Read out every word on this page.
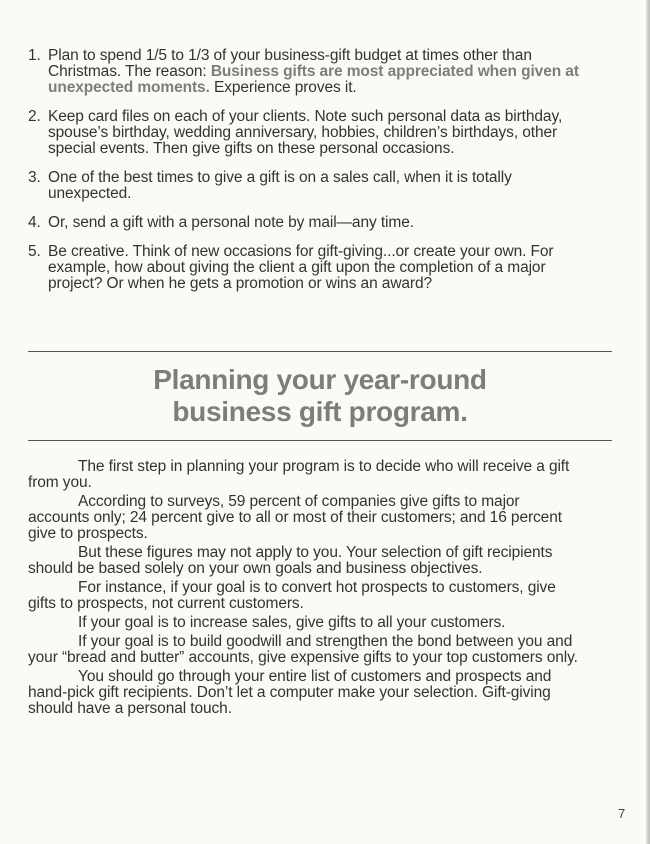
1. Plan to spend 1/5 to 1/3 of your business-gift budget at times other than Christmas. The reason: Business gifts are most appreciated when given at unexpected moments. Experience proves it.
2. Keep card files on each of your clients. Note such personal data as birthday, spouse’s birthday, wedding anniversary, hobbies, children’s birthdays, other special events. Then give gifts on these personal occasions.
3. One of the best times to give a gift is on a sales call, when it is totally unexpected.
4. Or, send a gift with a personal note by mail—any time.
5. Be creative. Think of new occasions for gift-giving...or create your own. For example, how about giving the client a gift upon the completion of a major project? Or when he gets a promotion or wins an award?
Planning your year-round
business gift program.

The first step in planning your program is to decide who will receive a gift from you.

According to surveys, 59 percent of companies give gifts to major accounts only; 24 percent give to all or most of their customers; and 16 percent give to prospects.

But these figures may not apply to you. Your selection of gift recipients should be based solely on your own goals and business objectives.

For instance, if your goal is to convert hot prospects to customers, give gifts to prospects, not current customers.

If your goal is to increase sales, give gifts to all your customers.

If your goal is to build goodwill and strengthen the bond between you and your “bread and butter” accounts, give expensive gifts to your top customers only.

You should go through your entire list of customers and prospects and hand-pick gift recipients. Don’t let a computer make your selection. Gift-giving should have a personal touch.

7
